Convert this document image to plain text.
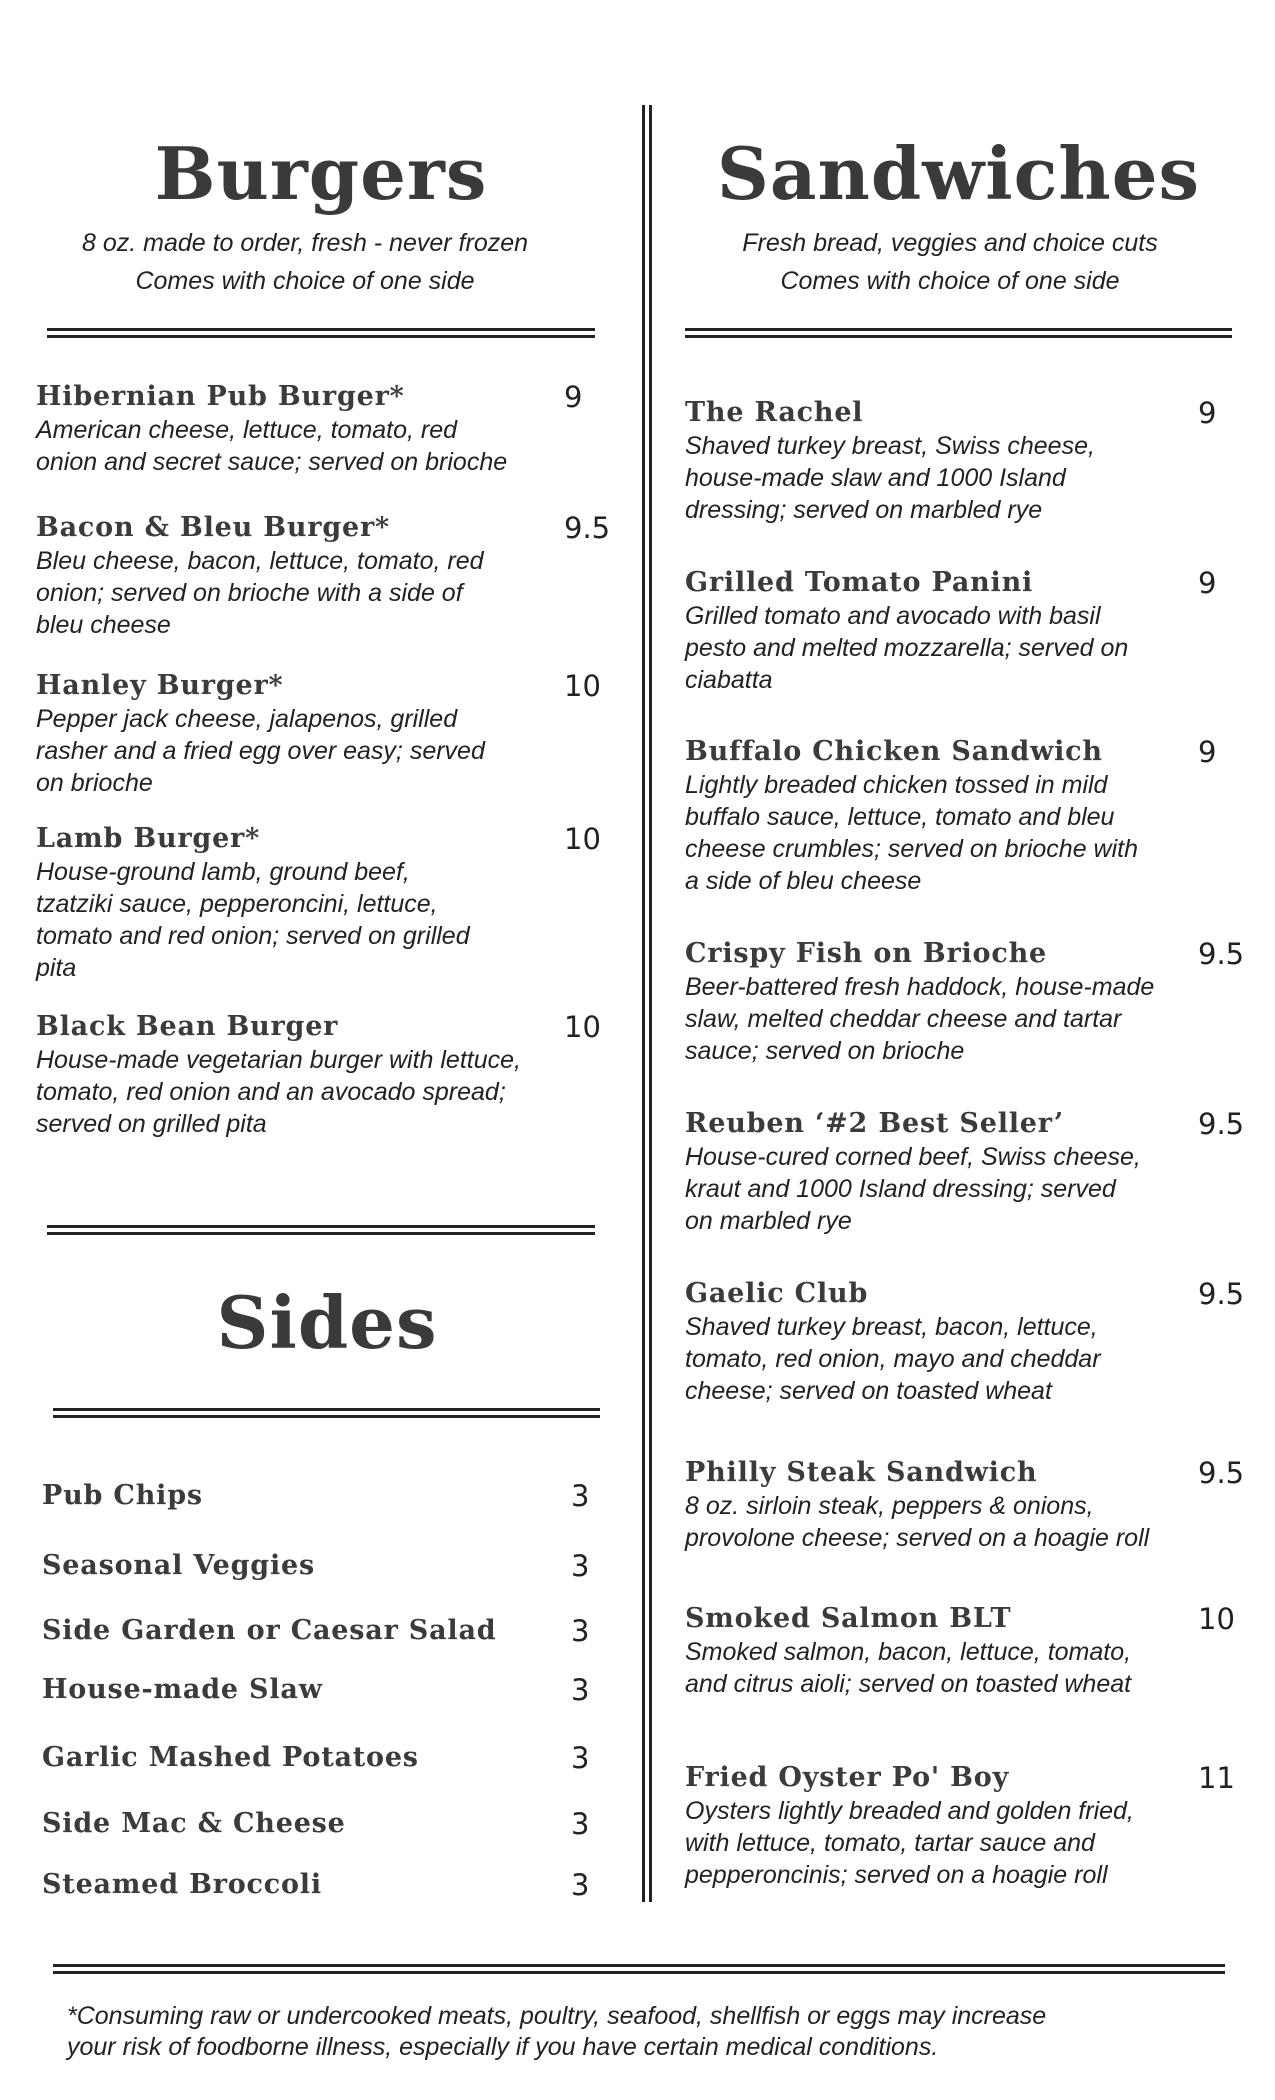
Burgers
8 oz. made to order, fresh - never frozen
Comes with choice of one side
Sandwiches
Fresh bread, veggies and choice cuts
Comes with choice of one side
Sides
Hibernian Pub Burger*
American cheese, lettuce, tomato, red
onion and secret sauce; served on brioche
9
Bacon & Bleu Burger*
Bleu cheese, bacon, lettuce, tomato, red
onion; served on brioche with a side of
bleu cheese
9.5
Hanley Burger*
Pepper jack cheese, jalapenos, grilled
rasher and a fried egg over easy; served
on brioche
10
Lamb Burger*
House-ground lamb, ground beef,
tzatziki sauce, pepperoncini, lettuce,
tomato and red onion; served on grilled
pita
10
Black Bean Burger
House-made vegetarian burger with lettuce,
tomato, red onion and an avocado spread;
served on grilled pita
10
The Rachel
Shaved turkey breast, Swiss cheese,
house-made slaw and 1000 Island
dressing; served on marbled rye
9
Grilled Tomato Panini
Grilled tomato and avocado with basil
pesto and melted mozzarella; served on
ciabatta
9
Buffalo Chicken Sandwich
Lightly breaded chicken tossed in mild
buffalo sauce, lettuce, tomato and bleu
cheese crumbles; served on brioche with
a side of bleu cheese
9
Crispy Fish on Brioche
Beer-battered fresh haddock, house-made
slaw, melted cheddar cheese and tartar
sauce; served on brioche
9.5
Reuben ‘#2 Best Seller’
House-cured corned beef, Swiss cheese,
kraut and 1000 Island dressing; served
on marbled rye
9.5
Gaelic Club
Shaved turkey breast, bacon, lettuce,
tomato, red onion, mayo and cheddar
cheese; served on toasted wheat
9.5
Philly Steak Sandwich
8 oz. sirloin steak, peppers & onions,
provolone cheese; served on a hoagie roll
9.5
Smoked Salmon BLT
Smoked salmon, bacon, lettuce, tomato,
and citrus aioli; served on toasted wheat
10
Fried Oyster Po' Boy
Oysters lightly breaded and golden fried,
with lettuce, tomato, tartar sauce and
pepperoncinis; served on a hoagie roll
11
Pub Chips	3
Seasonal Veggies	3
Side Garden or Caesar Salad	3
House-made Slaw	3
Garlic Mashed Potatoes	3
Side Mac & Cheese	3
Steamed Broccoli	3
*Consuming raw or undercooked meats, poultry, seafood, shellfish or eggs may increase
your risk of foodborne illness, especially if you have certain medical conditions.
